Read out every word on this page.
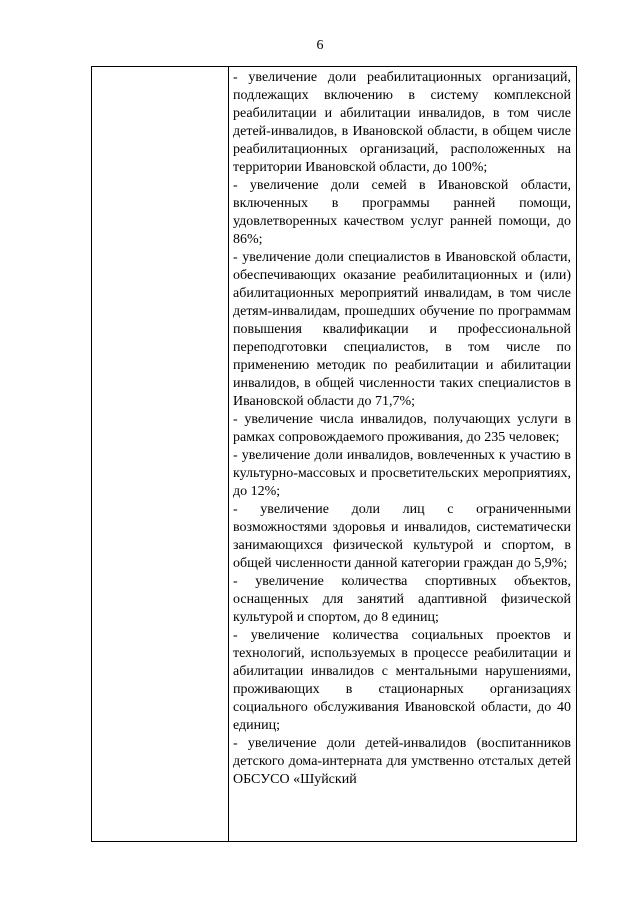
6

- увеличение доли реабилитационных организаций, подлежащих включению в систему комплексной реабилитации и абилитации инвалидов, в том числе детей-инвалидов, в Ивановской области, в общем числе реабилитационных организаций, расположенных на территории Ивановской области, до 100%;

- увеличение доли семей в Ивановской области, включенных в программы ранней помощи, удовлетворенных качеством услуг ранней помощи, до 86%;

- увеличение доли специалистов в Ивановской области, обеспечивающих оказание реабилитационных и (или) абилитационных мероприятий инвалидам, в том числе детям-инвалидам, прошедших обучение по программам повышения квалификации и профессиональной переподготовки специалистов, в том числе по применению методик по реабилитации и абилитации инвалидов, в общей численности таких специалистов в Ивановской области до 71,7%;

- увеличение числа инвалидов, получающих услуги в рамках сопровождаемого проживания, до 235 человек;

- увеличение доли инвалидов, вовлеченных к участию в культурно-массовых и просветительских мероприятиях, до 12%;

- увеличение доли лиц с ограниченными возможностями здоровья и инвалидов, систематически занимающихся физической культурой и спортом, в общей численности данной категории граждан до 5,9%;

- увеличение количества спортивных объектов, оснащенных для занятий адаптивной физической культурой и спортом, до 8 единиц;

- увеличение количества социальных проектов и технологий, используемых в процессе реабилитации и абилитации инвалидов с ментальными нарушениями, проживающих в стационарных организациях социального обслуживания Ивановской области, до 40 единиц;

- увеличение доли детей-инвалидов (воспитанников детского дома-интерната для умственно отсталых детей ОБСУСО «Шуйский
